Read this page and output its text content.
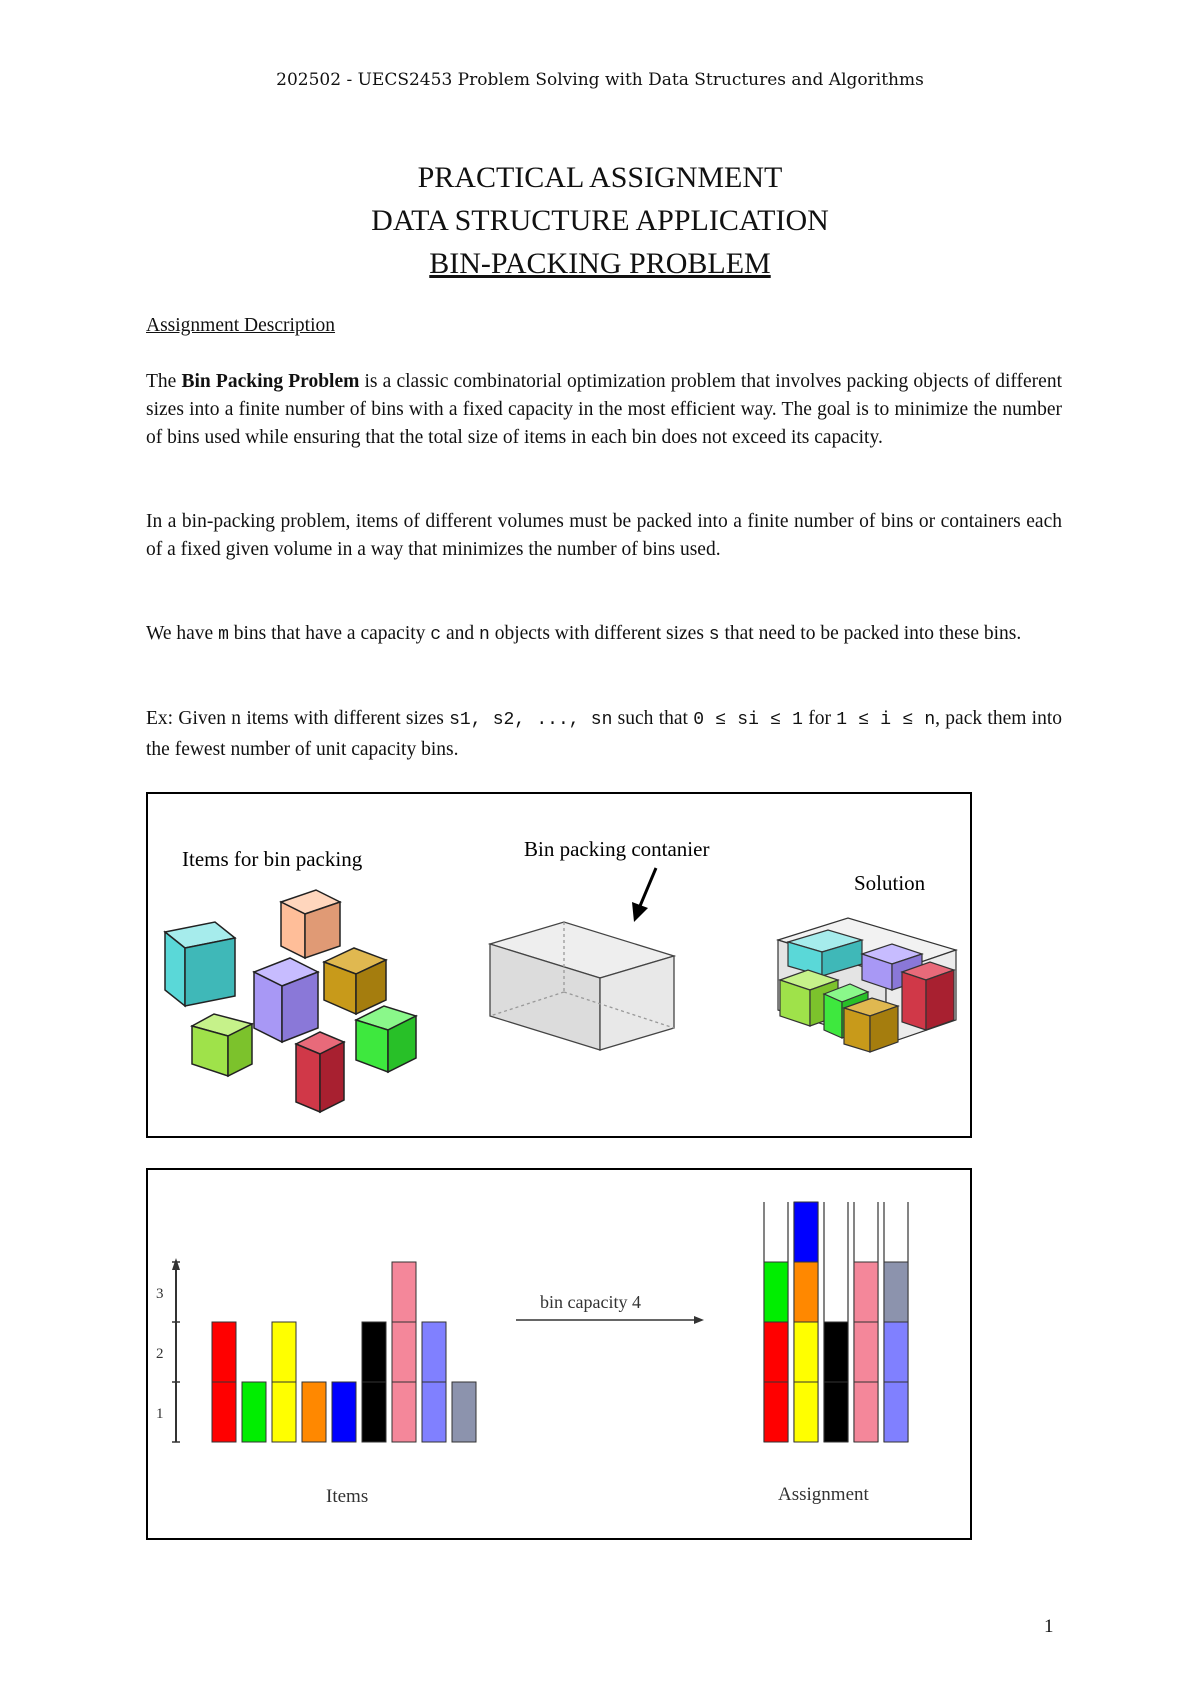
202502 - UECS2453 Problem Solving with Data Structures and Algorithms
PRACTICAL ASSIGNMENT
DATA STRUCTURE APPLICATION
BIN-PACKING PROBLEM

Assignment Description

The Bin Packing Problem is a classic combinatorial optimization problem that involves packing objects of different sizes into a finite number of bins with a fixed capacity in the most efficient way. The goal is to minimize the number of bins used while ensuring that the total size of items in each bin does not exceed its capacity.

In a bin-packing problem, items of different volumes must be packed into a finite number of bins or containers each of a fixed given volume in a way that minimizes the number of bins used.

We have m bins that have a capacity c and n objects with different sizes s that need to be packed into these bins.

Ex: Given n items with different sizes s1, s2, ..., sn such that 0 ≤ si ≤ 1 for 1 ≤ i ≤ n, pack them into the fewest number of unit capacity bins.

Items for bin packing	Bin packing contanier
Solution
1
2
3	bin capacity 4
Items	Assignment
1
